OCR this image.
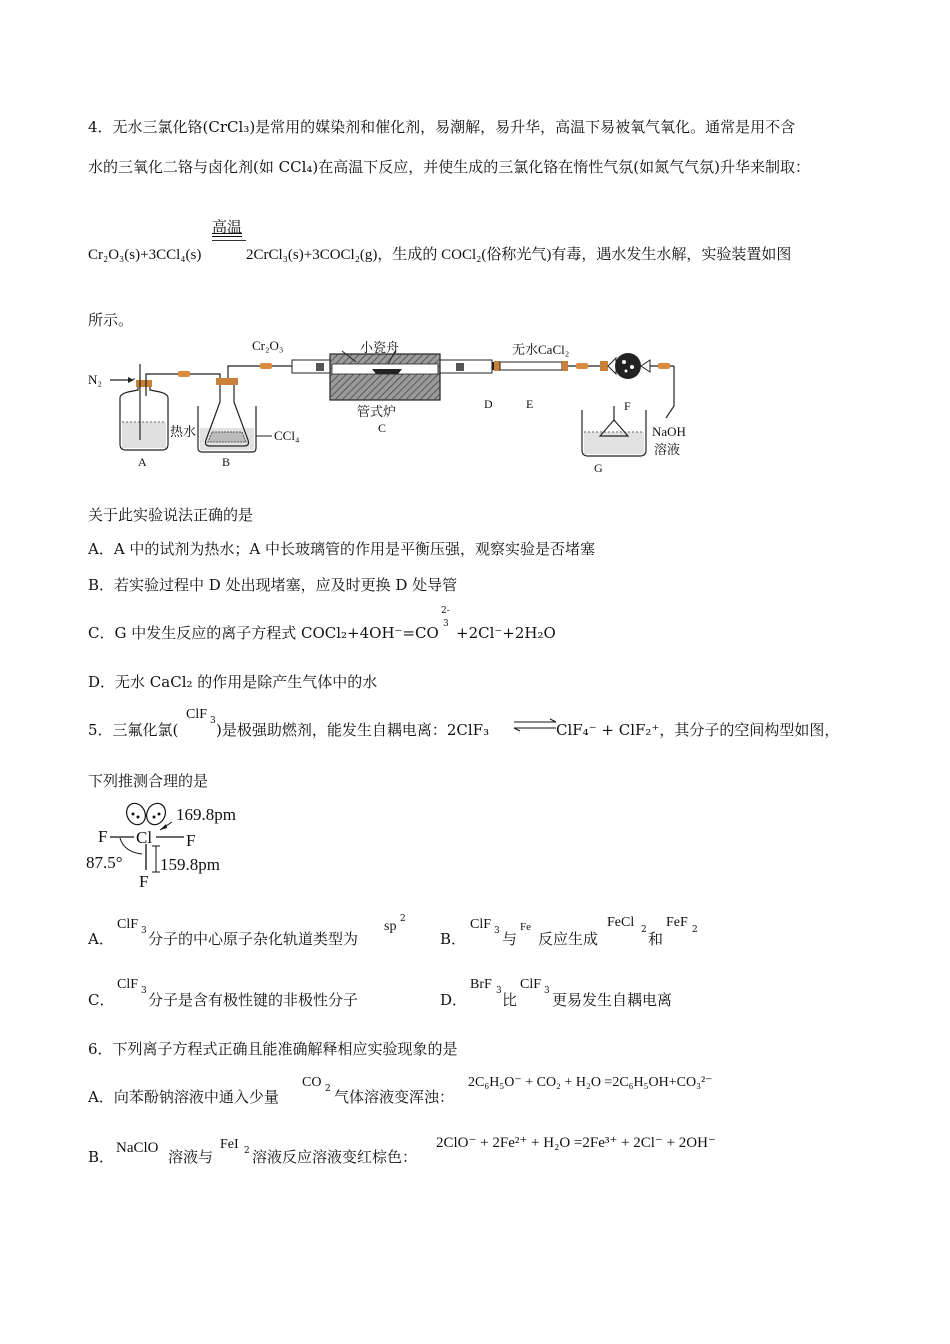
4．无水三氯化铬(CrCl₃)是常用的媒染剂和催化剂，易潮解，易升华，高温下易被氧气氧化。通常是用不含
水的三氧化二铬与卤化剂(如 CCl₄)在高温下反应，并使生成的三氯化铬在惰性气氛(如氮气气氛)升华来制取：
高温
Cr₂O₃(s)+3CCl₄(s)	2CrCl₃(s)+3COCl₂(g)，生成的 COCl₂(俗称光气)有毒，遇水发生水解，实验装置如图
所示。
N₂
A
热水	CCl₄
B
Cr₂O₃	小瓷舟
管式炉
C
D	E
无水CaCl₂
F
NaOH
溶液
G
关于此实验说法正确的是
A．A 中的试剂为热水；A 中长玻璃管的作用是平衡压强，观察实验是否堵塞
B．若实验过程中 D 处出现堵塞，应及时更换 D 处导管
C．G 中发生反应的离子方程式 COCl₂+4OH⁻=CO
2-
3 +2Cl⁻+2H₂O
D．无水 CaCl₂ 的作用是除产生气体中的水
5．三氟化氯(
ClF 3 )是极强助燃剂，能发生自耦电离：2ClF₃	ClF₄⁻ + ClF₂⁺，其分子的空间构型如图，
下列推测合理的是
Cl
F	F
169.8pm
F
159.8pm
87.5°
A．
ClF 3 分子的中心原子杂化轨道类型为
sp 2
B．
ClF 3 与
Fe
反应生成
FeCl 2 和
FeF 2
C．
ClF 3 分子是含有极性键的非极性分子	D．
BrF 3 比
ClF 3 更易发生自耦电离
6．下列离子方程式正确且能准确解释相应实验现象的是
A．向苯酚钠溶液中通入少量
CO 2 气体溶液变浑浊：
2C₆H₅O⁻ + CO₂ + H₂O =2C₆H₅OH+CO₃²⁻
B． NaClO 溶液与
FeI 2 溶液反应溶液变红棕色：
2ClO⁻ + 2Fe²⁺ + H₂O =2Fe³⁺ + 2Cl⁻ + 2OH⁻
